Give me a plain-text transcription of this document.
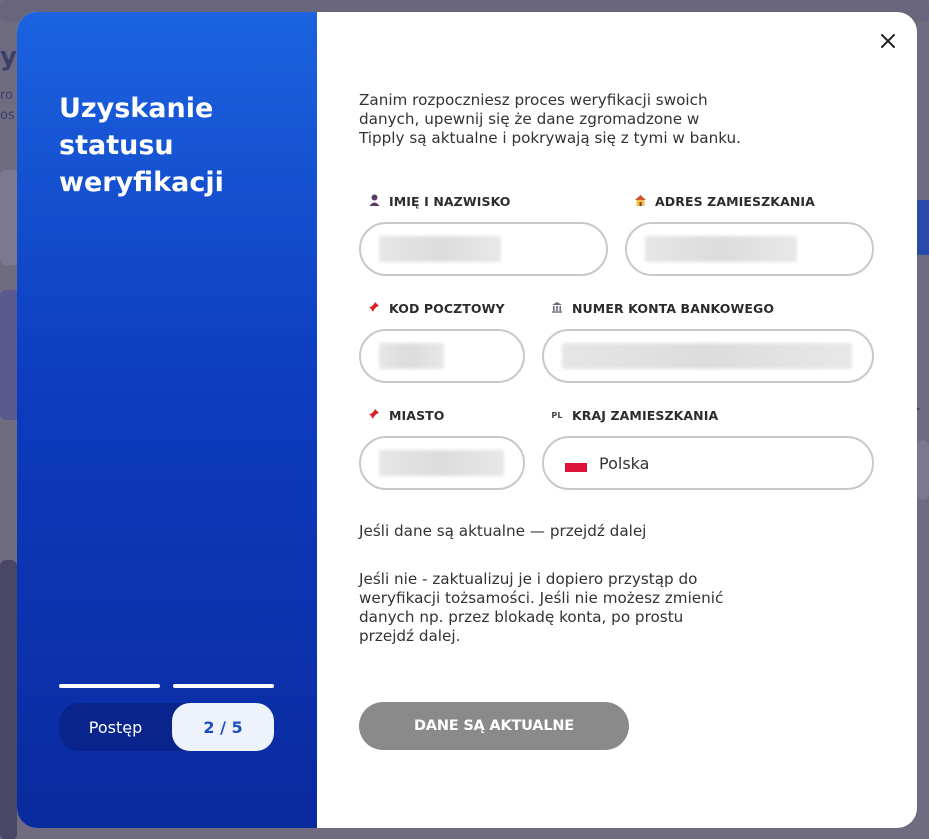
y
ro
os Uzyskanie
statusu
weryfikacji
Postęp	2 / 5

Zanim rozpoczniesz proces weryfikacji swoich danych, upewnij się że dane zgromadzone w Tipply są aktualne i pokrywają się z tymi w banku.

IMIĘ I NAZWISKO	ADRES ZAMIESZKANIA
KOD POCZTOWY	NUMER KONTA BANKOWEGO
MIASTO	PL KRAJ ZAMIESZKANIA
Polska

Jeśli dane są aktualne — przejdź dalej

Jeśli nie - zaktualizuj je i dopiero przystąp do weryfikacji tożsamości. Jeśli nie możesz zmienić danych np. przez blokadę konta, po prostu przejdź dalej.

DANE SĄ AKTUALNE
